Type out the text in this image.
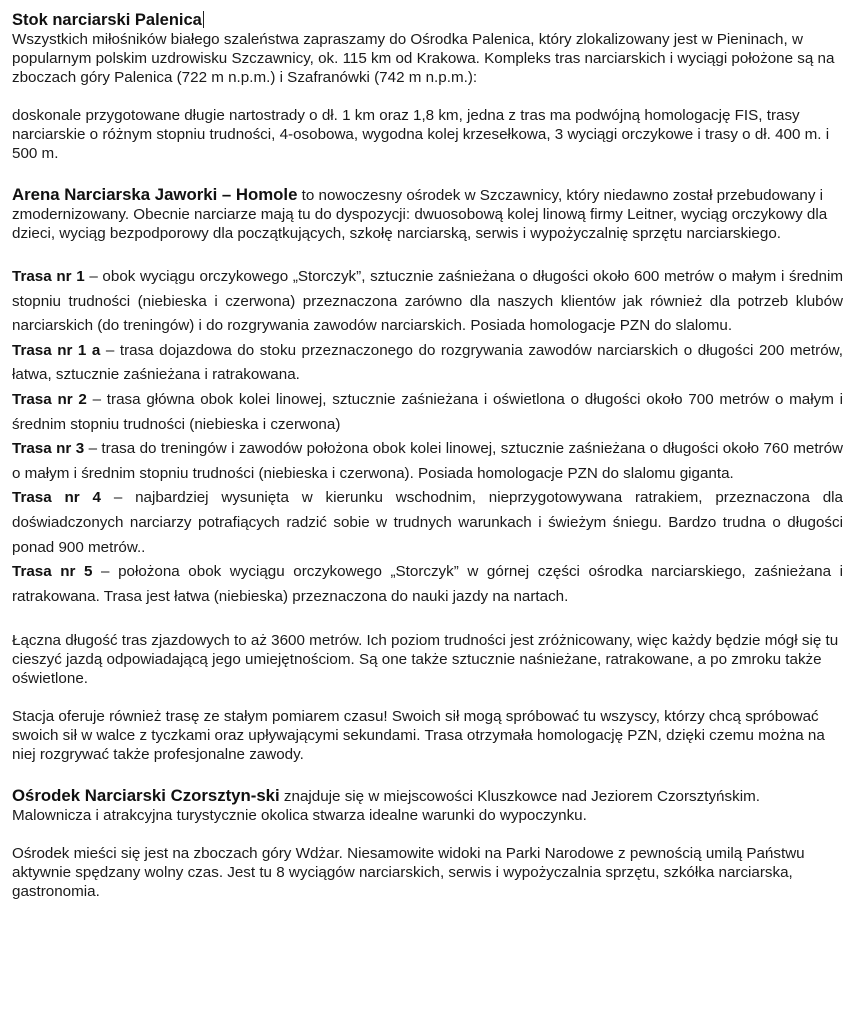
Stok narciarski Palenica

Wszystkich miłośników białego szaleństwa zapraszamy do Ośrodka Palenica, który zlokalizowany jest w Pieninach, w popularnym polskim uzdrowisku Szczawnicy, ok. 115 km od Krakowa. Kompleks tras narciarskich i wyciągi położone są na zboczach góry Palenica (722 m n.p.m.) i Szafranówki (742 m n.p.m.):

doskonale przygotowane długie nartostrady o dł. 1 km oraz 1,8 km, jedna z tras ma podwójną homologację FIS, trasy narciarskie o różnym stopniu trudności, 4-osobowa, wygodna kolej krzesełkowa, 3 wyciągi orczykowe i trasy o dł. 400 m. i 500 m.

Arena Narciarska Jaworki – Homole to nowoczesny ośrodek w Szczawnicy, który niedawno został przebudowany i zmodernizowany. Obecnie narciarze mają tu do dyspozycji: dwuosobową kolej linową firmy Leitner, wyciąg orczykowy dla dzieci, wyciąg bezpodporowy dla początkujących, szkołę narciarską, serwis i wypożyczalnię sprzętu narciarskiego.

Trasa nr 1 – obok wyciągu orczykowego „Storczyk”, sztucznie zaśnieżana o długości około 600 metrów o małym i średnim stopniu trudności (niebieska i czerwona) przeznaczona zarówno dla naszych klientów jak również dla potrzeb klubów narciarskich (do treningów) i do rozgrywania zawodów narciarskich. Posiada homologacje PZN do slalomu.

Trasa nr 1 a – trasa dojazdowa do stoku przeznaczonego do rozgrywania zawodów narciarskich o długości 200 metrów, łatwa, sztucznie zaśnieżana i ratrakowana.

Trasa nr 2 – trasa główna obok kolei linowej, sztucznie zaśnieżana i oświetlona o długości około 700 metrów o małym i średnim stopniu trudności (niebieska i czerwona)

Trasa nr 3 – trasa do treningów i zawodów położona obok kolei linowej, sztucznie zaśnieżana o długości około 760 metrów o małym i średnim stopniu trudności (niebieska i czerwona). Posiada homologacje PZN do slalomu giganta.

Trasa nr 4 – najbardziej wysunięta w kierunku wschodnim, nieprzygotowywana ratrakiem, przeznaczona dla doświadczonych narciarzy potrafiących radzić sobie w trudnych warunkach i świeżym śniegu. Bardzo trudna o długości ponad 900 metrów..

Trasa nr 5 – położona obok wyciągu orczykowego „Storczyk” w górnej części ośrodka narciarskiego, zaśnieżana i ratrakowana. Trasa jest łatwa (niebieska) przeznaczona do nauki jazdy na nartach.

Łączna długość tras zjazdowych to aż 3600 metrów. Ich poziom trudności jest zróżnicowany, więc każdy będzie mógł się tu cieszyć jazdą odpowiadającą jego umiejętnościom. Są one także sztucznie naśnieżane, ratrakowane, a po zmroku także oświetlone.

Stacja oferuje również trasę ze stałym pomiarem czasu! Swoich sił mogą spróbować tu wszyscy, którzy chcą spróbować swoich sił w walce z tyczkami oraz upływającymi sekundami. Trasa otrzymała homologację PZN, dzięki czemu można na niej rozgrywać także profesjonalne zawody.

Ośrodek Narciarski Czorsztyn-ski znajduje się w miejscowości Kluszkowce nad Jeziorem Czorsztyńskim. Malownicza i atrakcyjna turystycznie okolica stwarza idealne warunki do wypoczynku.

Ośrodek mieści się jest na zboczach góry Wdżar. Niesamowite widoki na Parki Narodowe z pewnością umilą Państwu aktywnie spędzany wolny czas. Jest tu 8 wyciągów narciarskich, serwis i wypożyczalnia sprzętu, szkółka narciarska, gastronomia.
